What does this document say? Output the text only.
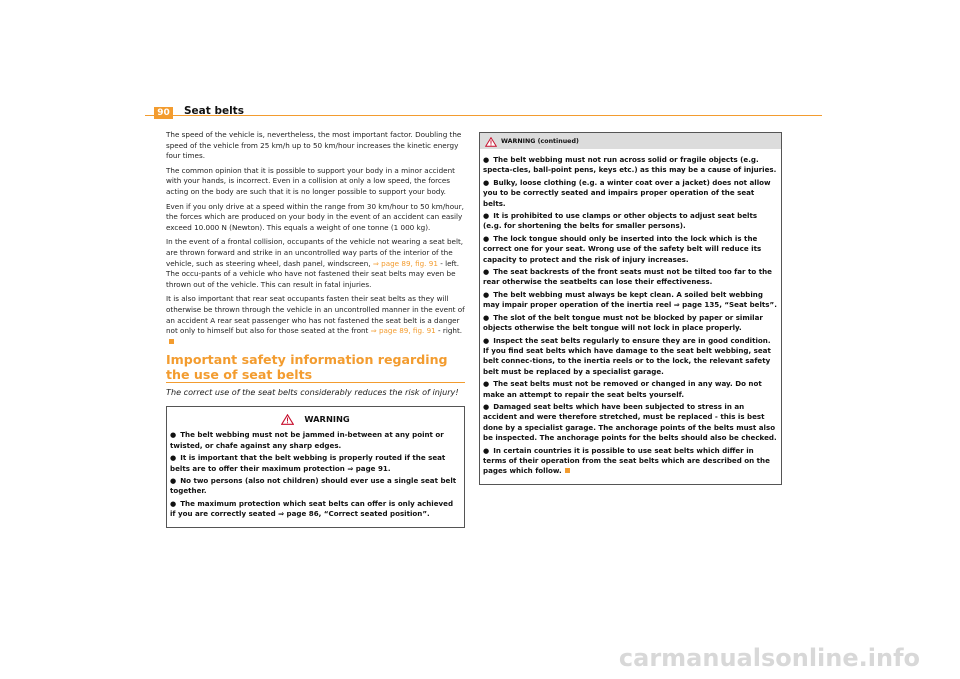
90	Seat belts

The speed of the vehicle is, nevertheless, the most important factor. Doubling the speed of the vehicle from 25 km/h up to 50 km/hour increases the kinetic energy four times.

The common opinion that it is possible to support your body in a minor accident with your hands, is incorrect. Even in a collision at only a low speed, the forces acting on the body are such that it is no longer possible to support your body.

Even if you only drive at a speed within the range from 30 km/hour to 50 km/hour, the forces which are produced on your body in the event of an accident can easily exceed 10.000 N (Newton). This equals a weight of one tonne (1 000 kg).

In the event of a frontal collision, occupants of the vehicle not wearing a seat belt, are thrown forward and strike in an uncontrolled way parts of the interior of the vehicle, such as steering wheel, dash panel, windscreen, ⇒ page 89, fig. 91 - left. The occu-pants of a vehicle who have not fastened their seat belts may even be thrown out of the vehicle. This can result in fatal injuries.

It is also important that rear seat occupants fasten their seat belts as they will otherwise be thrown through the vehicle in an uncontrolled manner in the event of an accident A rear seat passenger who has not fastened the seat belt is a danger not only to himself but also for those seated at the front ⇒ page 89, fig. 91 - right.

Important safety information regarding the use of seat belts

The correct use of the seat belts considerably reduces the risk of injury!

WARNING

● The belt webbing must not be jammed in-between at any point or twisted, or chafe against any sharp edges.

● It is important that the belt webbing is properly routed if the seat belts are to offer their maximum protection ⇒ page 91.

● No two persons (also not children) should ever use a single seat belt together.

● The maximum protection which seat belts can offer is only achieved if you are correctly seated ⇒ page 86, “Correct seated position”.

WARNING (continued)

● The belt webbing must not run across solid or fragile objects (e.g. specta-cles, ball-point pens, keys etc.) as this may be a cause of injuries.

● Bulky, loose clothing (e.g. a winter coat over a jacket) does not allow you to be correctly seated and impairs proper operation of the seat belts.

● It is prohibited to use clamps or other objects to adjust seat belts (e.g. for shortening the belts for smaller persons).

● The lock tongue should only be inserted into the lock which is the correct one for your seat. Wrong use of the safety belt will reduce its capacity to protect and the risk of injury increases.

● The seat backrests of the front seats must not be tilted too far to the rear otherwise the seatbelts can lose their effectiveness.

● The belt webbing must always be kept clean. A soiled belt webbing may impair proper operation of the inertia reel ⇒ page 135, “Seat belts”.

● The slot of the belt tongue must not be blocked by paper or similar objects otherwise the belt tongue will not lock in place properly.

● Inspect the seat belts regularly to ensure they are in good condition. If you find seat belts which have damage to the seat belt webbing, seat belt connec-tions, to the inertia reels or to the lock, the relevant safety belt must be replaced by a specialist garage.

● The seat belts must not be removed or changed in any way. Do not make an attempt to repair the seat belts yourself.

● Damaged seat belts which have been subjected to stress in an accident and were therefore stretched, must be replaced - this is best done by a specialist garage. The anchorage points of the belts must also be inspected. The anchorage points for the belts should also be checked.

● In certain countries it is possible to use seat belts which differ in terms of their operation from the seat belts which are described on the pages which follow.

carmanualsonline.info
